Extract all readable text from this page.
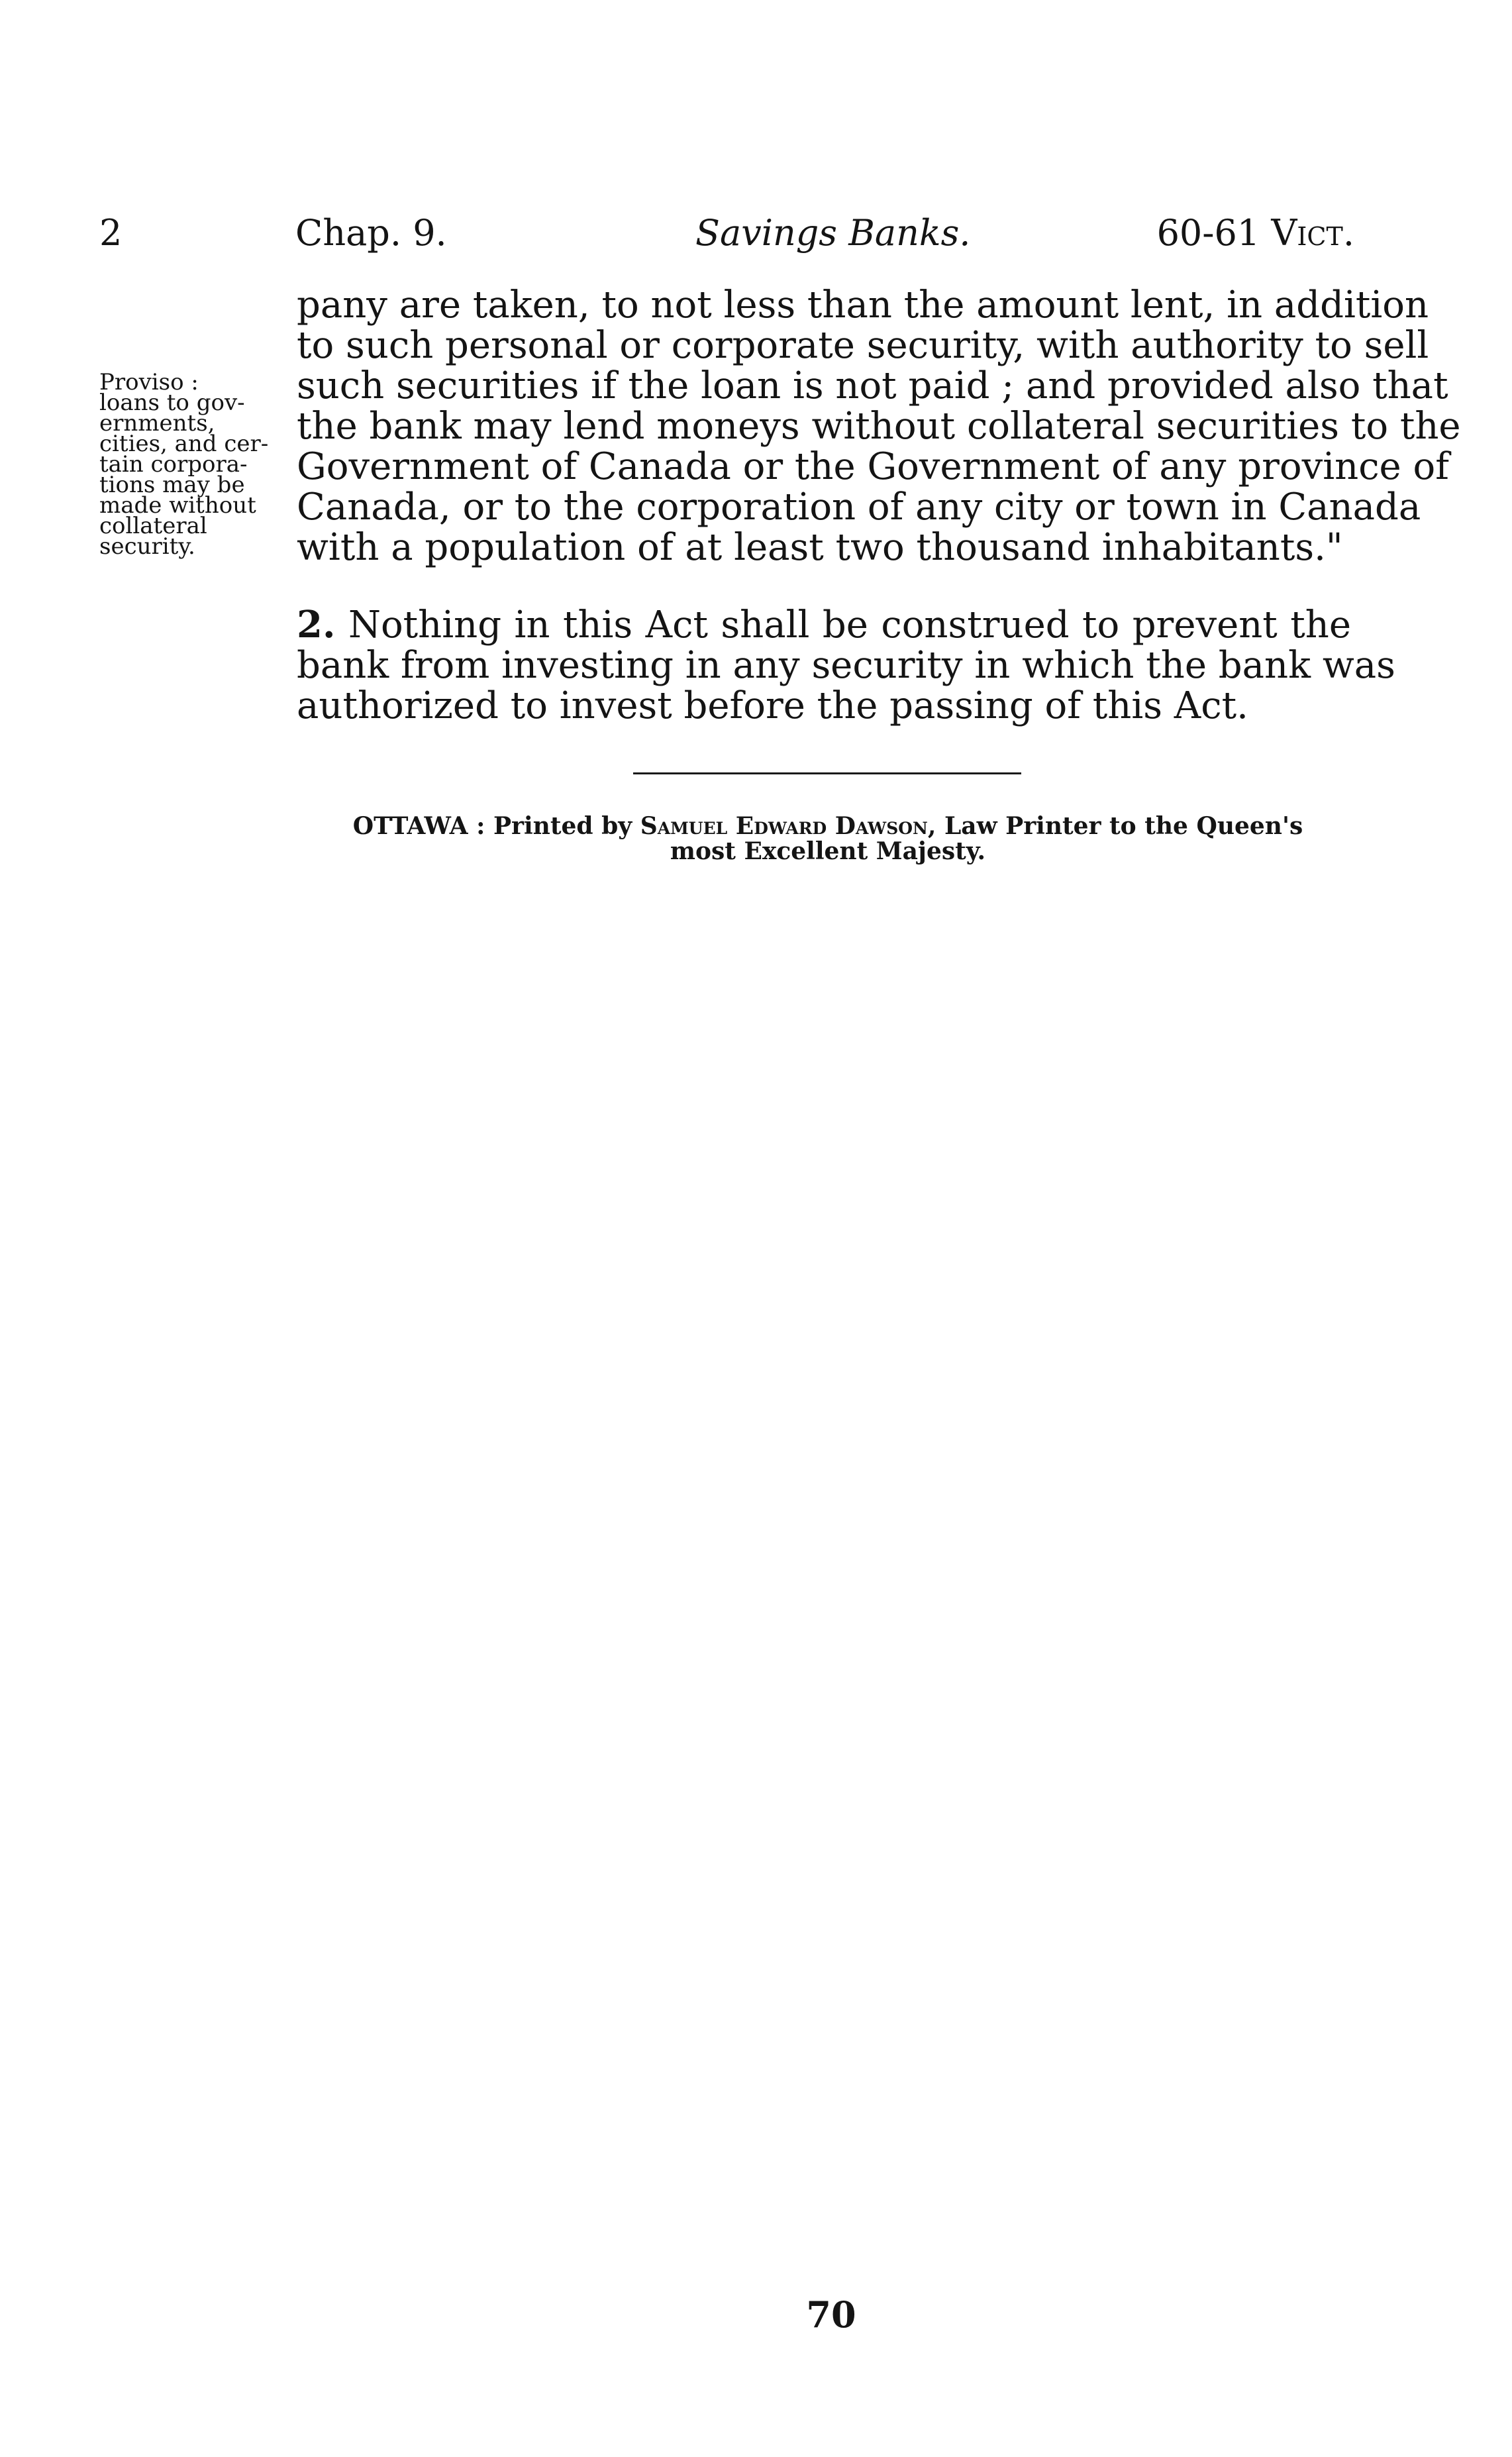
2	Chap. 9.	Savings Banks.	60-61 Vict.
Proviso :
loans to gov-
ernments,
cities, and cer-
tain corpora-
tions may be
made without
collateral
security.
pany are taken, to not less than the amount lent, in addition
to such personal or corporate security, with authority to sell
such securities if the loan is not paid ; and provided also that
the bank may lend moneys without collateral securities to the
Government of Canada or the Government of any province of
Canada, or to the corporation of any city or town in Canada
with a population of at least two thousand inhabitants."
2. Nothing in this Act shall be construed to prevent the
bank from investing in any security in which the bank was
authorized to invest before the passing of this Act.
OTTAWA : Printed by Samuel Edward Dawson, Law Printer to the Queen's
most Excellent Majesty.
70
